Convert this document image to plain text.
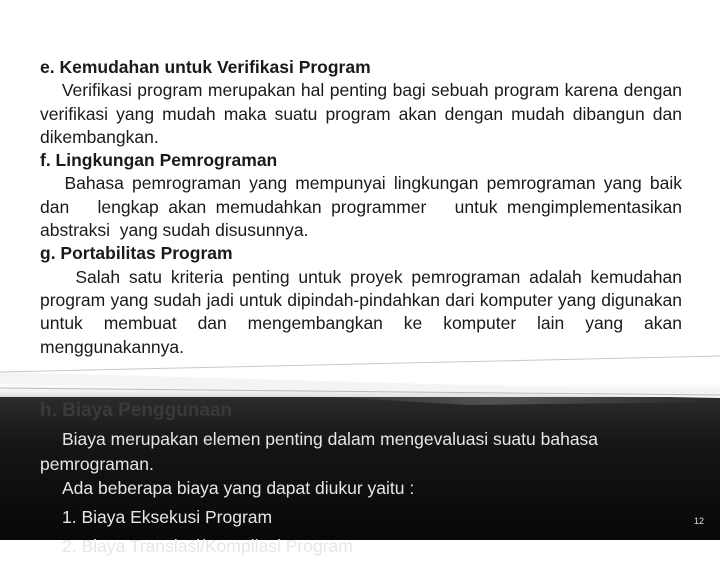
e. Kemudahan untuk Verifikasi Program
Verifikasi program merupakan hal penting bagi sebuah program karena dengan verifikasi yang mudah maka suatu program akan dengan mudah dibangun dan  dikembangkan.
f. Lingkungan Pemrograman
Bahasa pemrograman yang mempunyai lingkungan pemrograman yang baik dan   lengkap akan memudahkan programmer   untuk mengimplementasikan abstraksi  yang sudah disusunnya.
g. Portabilitas Program
Salah satu kriteria penting untuk proyek pemrograman adalah kemudahan program yang sudah jadi untuk dipindah-pindahkan dari komputer yang digunakan untuk membuat dan mengembangkan ke komputer lain yang akan menggunakannya.
h. Biaya Penggunaan
Biaya merupakan elemen penting dalam mengevaluasi suatu bahasa
pemrograman.
Ada beberapa biaya yang dapat diukur yaitu :
1. Biaya Eksekusi Program
2. Biaya Translasi/Kompilasi Program
12
